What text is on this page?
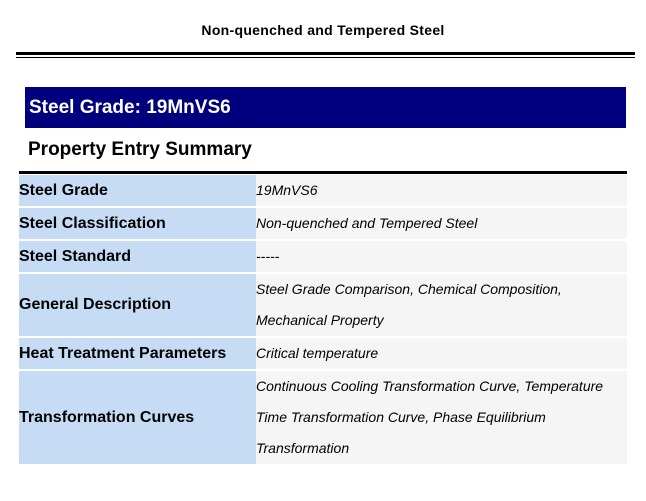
Non-quenched and Tempered Steel
Steel Grade: 19MnVS6
Property Entry Summary
Steel Grade	19MnVS6
Steel Classification	Non-quenched and Tempered Steel
Steel Standard	-----
General Description	Steel Grade Comparison, Chemical Composition, Mechanical Property
Heat Treatment Parameters	Critical temperature
Transformation Curves	Continuous Cooling Transformation Curve, Temperature Time Transformation Curve, Phase Equilibrium Transformation
